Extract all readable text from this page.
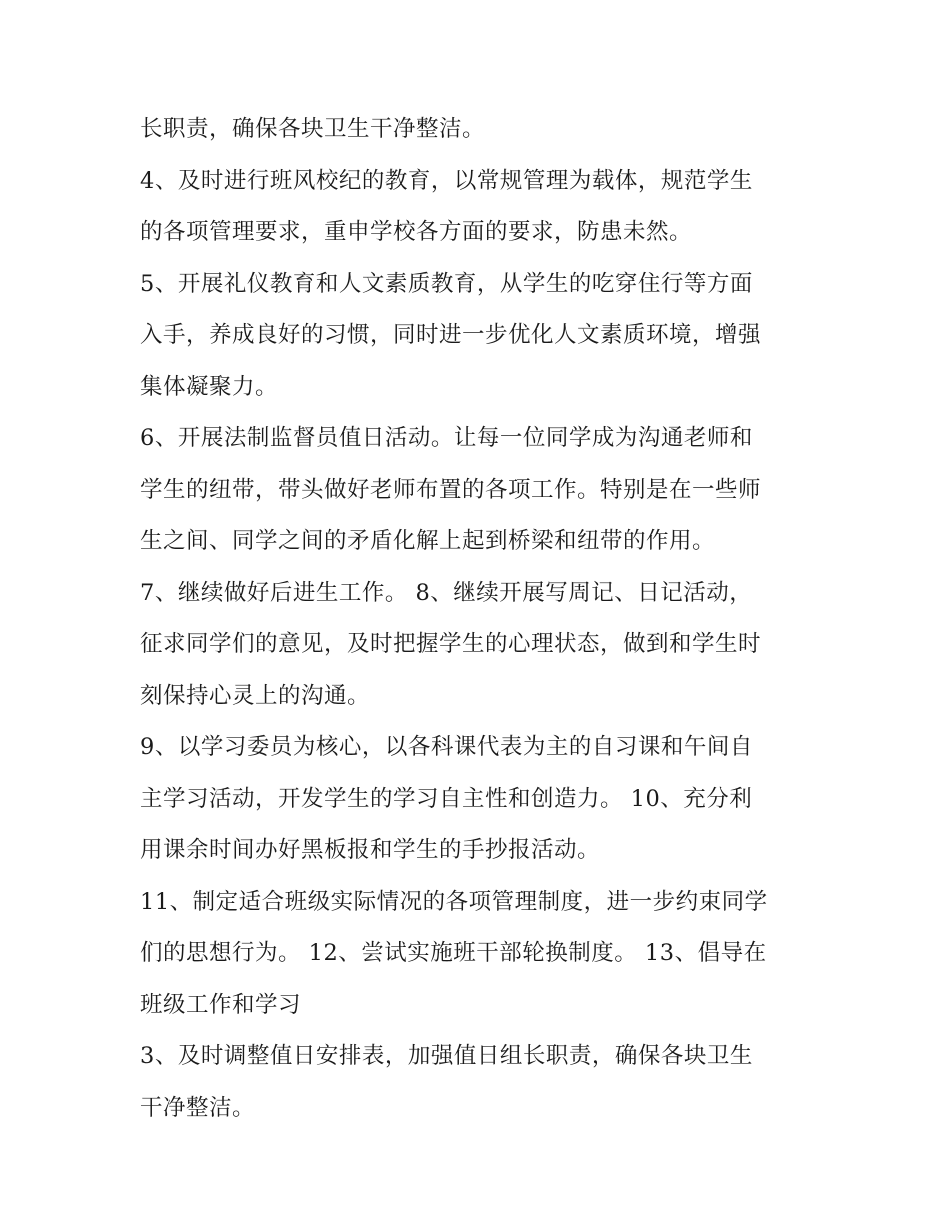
长职责，确保各块卫生干净整洁。
4、及时进行班风校纪的教育，以常规管理为载体，规范学生
的各项管理要求，重申学校各方面的要求，防患未然。
5、开展礼仪教育和人文素质教育，从学生的吃穿住行等方面
入手，养成良好的习惯，同时进一步优化人文素质环境，增强
集体凝聚力。
6、开展法制监督员值日活动。让每一位同学成为沟通老师和
学生的纽带，带头做好老师布置的各项工作。特别是在一些师
生之间、同学之间的矛盾化解上起到桥梁和纽带的作用。
7、继续做好后进生工作。 8、继续开展写周记、日记活动，
征求同学们的意见，及时把握学生的心理状态，做到和学生时
刻保持心灵上的沟通。
9、以学习委员为核心，以各科课代表为主的自习课和午间自
主学习活动，开发学生的学习自主性和创造力。 10、充分利
用课余时间办好黑板报和学生的手抄报活动。
11、制定适合班级实际情况的各项管理制度，进一步约束同学
们的思想行为。 12、尝试实施班干部轮换制度。 13、倡导在
班级工作和学习
3、及时调整值日安排表，加强值日组长职责，确保各块卫生
干净整洁。
